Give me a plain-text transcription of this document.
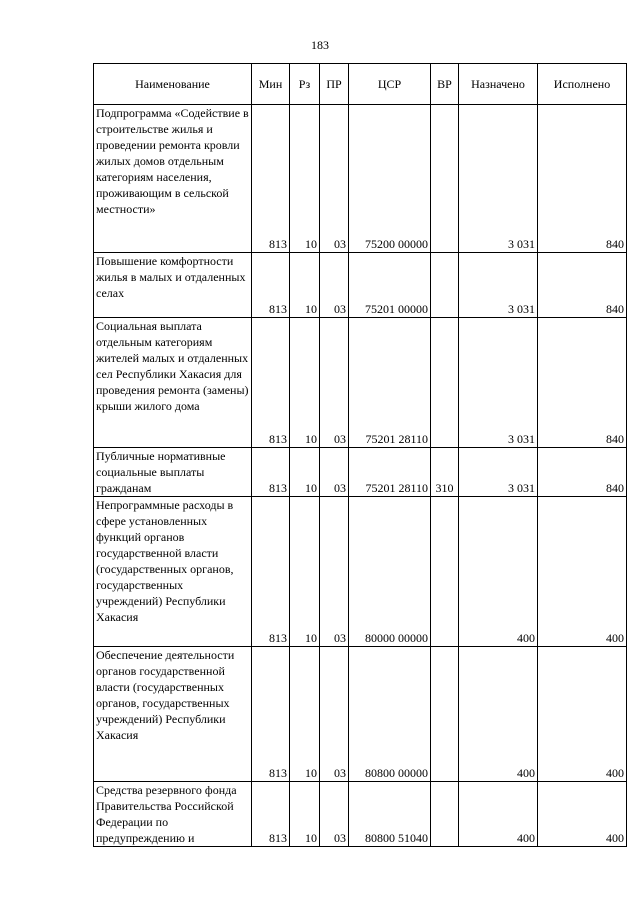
183
Наименование	Мин	Рз	ПР	ЦСР	ВР	Назначено	Исполнено
Подпрограмма «Содействие в строительстве жилья и проведении ремонта кровли жилых домов отдельным категориям населения, проживающим в сельской местности»	813	10	03	75200 00000		3 031	840
Повышение комфортности жилья в малых и отдаленных селах	813	10	03	75201 00000		3 031	840
Социальная выплата отдельным категориям жителей малых и отдаленных сел Республики Хакасия для проведения ремонта (замены) крыши жилого дома	813	10	03	75201 28110		3 031	840
Публичные нормативные социальные выплаты гражданам	813	10	03	75201 28110	310	3 031	840
Непрограммные расходы в сфере установленных функций органов государственной власти (государственных органов, государственных учреждений) Республики Хакасия	813	10	03	80000 00000		400	400
Обеспечение деятельности органов государственной власти (государственных органов, государственных учреждений) Республики Хакасия	813	10	03	80800 00000		400	400
Средства резервного фонда Правительства Российской Федерации по предупреждению и	813	10	03	80800 51040		400	400
